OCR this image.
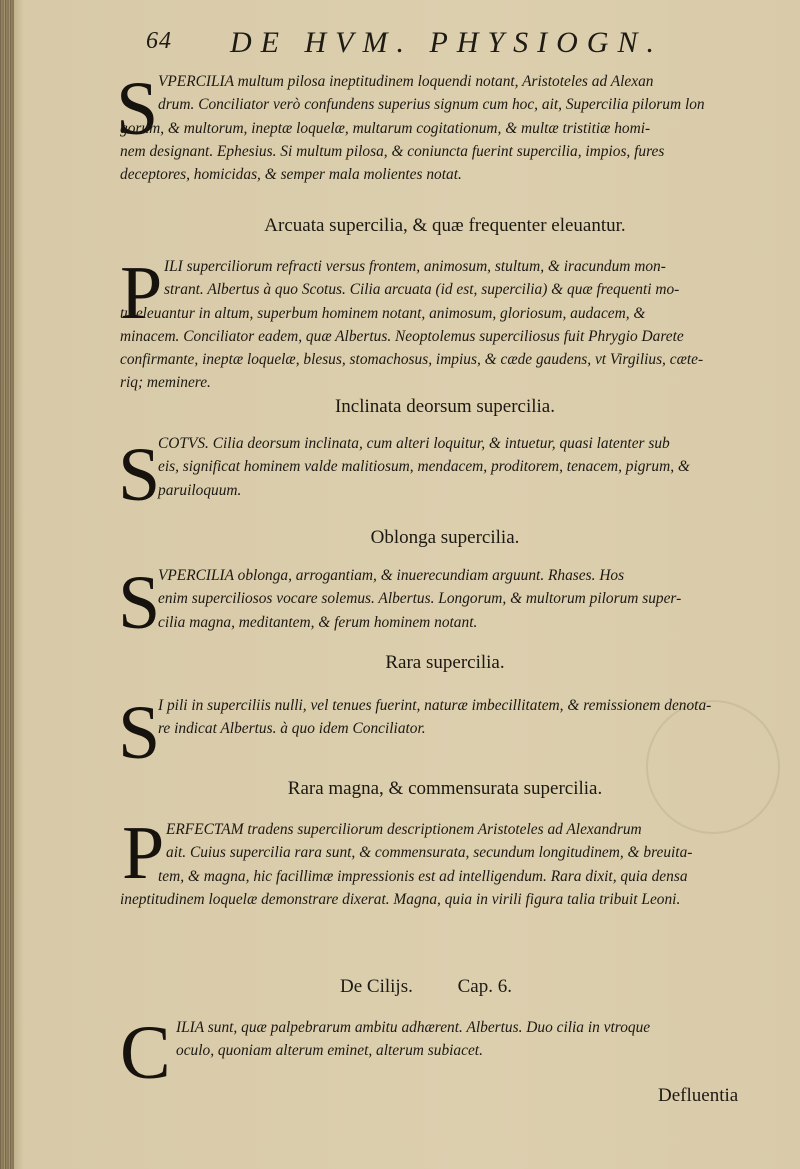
64 DE HVM. PHYSIOGN.
S VPERCILIA multum pilosa ineptitudinem loquendi notant, Aristoteles ad Alexan
drum. Conciliator verò confundens superius signum cum hoc, ait, Supercilia pilorum lon
gorum, & multorum, ineptæ loquelæ, multarum cogitationum, & multæ tristitiæ homi-
nem designant. Ephesius. Si multum pilosa, & coniuncta fuerint supercilia, impios, fures
deceptores, homicidas, & semper mala molientes notat.
Arcuata supercilia, & quæ frequenter eleuantur.
P ILI superciliorum refracti versus frontem, animosum, stultum, & iracundum mon-
strant. Albertus à quo Scotus. Cilia arcuata (id est, supercilia) & quæ frequenti mo-
tu eleuantur in altum, superbum hominem notant, animosum, gloriosum, audacem, &
minacem. Conciliator eadem, quæ Albertus. Neoptolemus superciliosus fuit Phrygio Darete
confirmante, ineptæ loquelæ, blesus, stomachosus, impius, & cæde gaudens, vt Virgilius, cæte-
riq; meminere.
Inclinata deorsum supercilia.
S
COTVS. Cilia deorsum inclinata, cum alteri loquitur, & intuetur, quasi latenter sub
eis, significat hominem valde malitiosum, mendacem, proditorem, tenacem, pigrum, &
paruiloquum.
Oblonga supercilia.
S
VPERCILIA oblonga, arrogantiam, & inuerecundiam arguunt. Rhases. Hos
enim superciliosos vocare solemus. Albertus. Longorum, & multorum pilorum super-
cilia magna, meditantem, & ferum hominem notant.
Rara supercilia.
S
I pili in superciliis nulli, vel tenues fuerint, naturæ imbecillitatem, & remissionem denota-
re indicat Albertus. à quo idem Conciliator.
Rara magna, & commensurata supercilia.
P ERFECTAM tradens superciliorum descriptionem Aristoteles ad Alexandrum
ait. Cuius supercilia rara sunt, & commensurata, secundum longitudinem, & breuita-
tem, & magna, hic facillimæ impressionis est ad intelligendum. Rara dixit, quia densa
ineptitudinem loquelæ demonstrare dixerat. Magna, quia in virili figura talia tribuit Leoni.
De Cilijs. Cap. 6.
C ILIA sunt, quæ palpebrarum ambitu adhærent. Albertus. Duo cilia in vtroque
oculo, quoniam alterum eminet, alterum subiacet.
Defluentia
